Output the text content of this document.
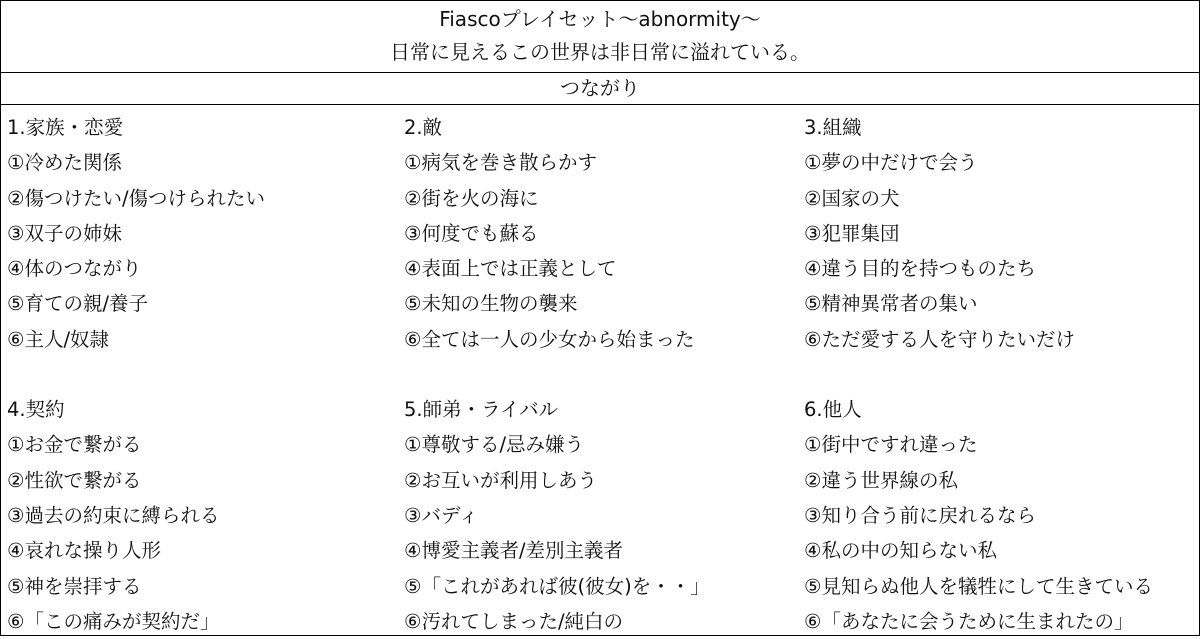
Fiascoプレイセット～abnormity～
日常に見えるこの世界は非日常に溢れている。
つながり
1.家族・恋愛
①冷めた関係
②傷つけたい/傷つけられたい
③双子の姉妹
④体のつながり
⑤育ての親/養子
⑥主人/奴隷
4.契約
①お金で繋がる
②性欲で繋がる
③過去の約束に縛られる
④哀れな操り人形
⑤神を崇拝する
⑥「この痛みが契約だ」
2.敵
①病気を巻き散らかす
②街を火の海に
③何度でも蘇る
④表面上では正義として
⑤未知の生物の襲来
⑥全ては一人の少女から始まった
5.師弟・ライバル
①尊敬する/忌み嫌う
②お互いが利用しあう
③バディ
④博愛主義者/差別主義者
⑤「これがあれば彼(彼女)を・・」
⑥汚れてしまった/純白の
3.組織
①夢の中だけで会う
②国家の犬
③犯罪集団
④違う目的を持つものたち
⑤精神異常者の集い
⑥ただ愛する人を守りたいだけ
6.他人
①街中ですれ違った
②違う世界線の私
③知り合う前に戻れるなら
④私の中の知らない私
⑤見知らぬ他人を犠牲にして生きている
⑥「あなたに会うために生まれたの」
